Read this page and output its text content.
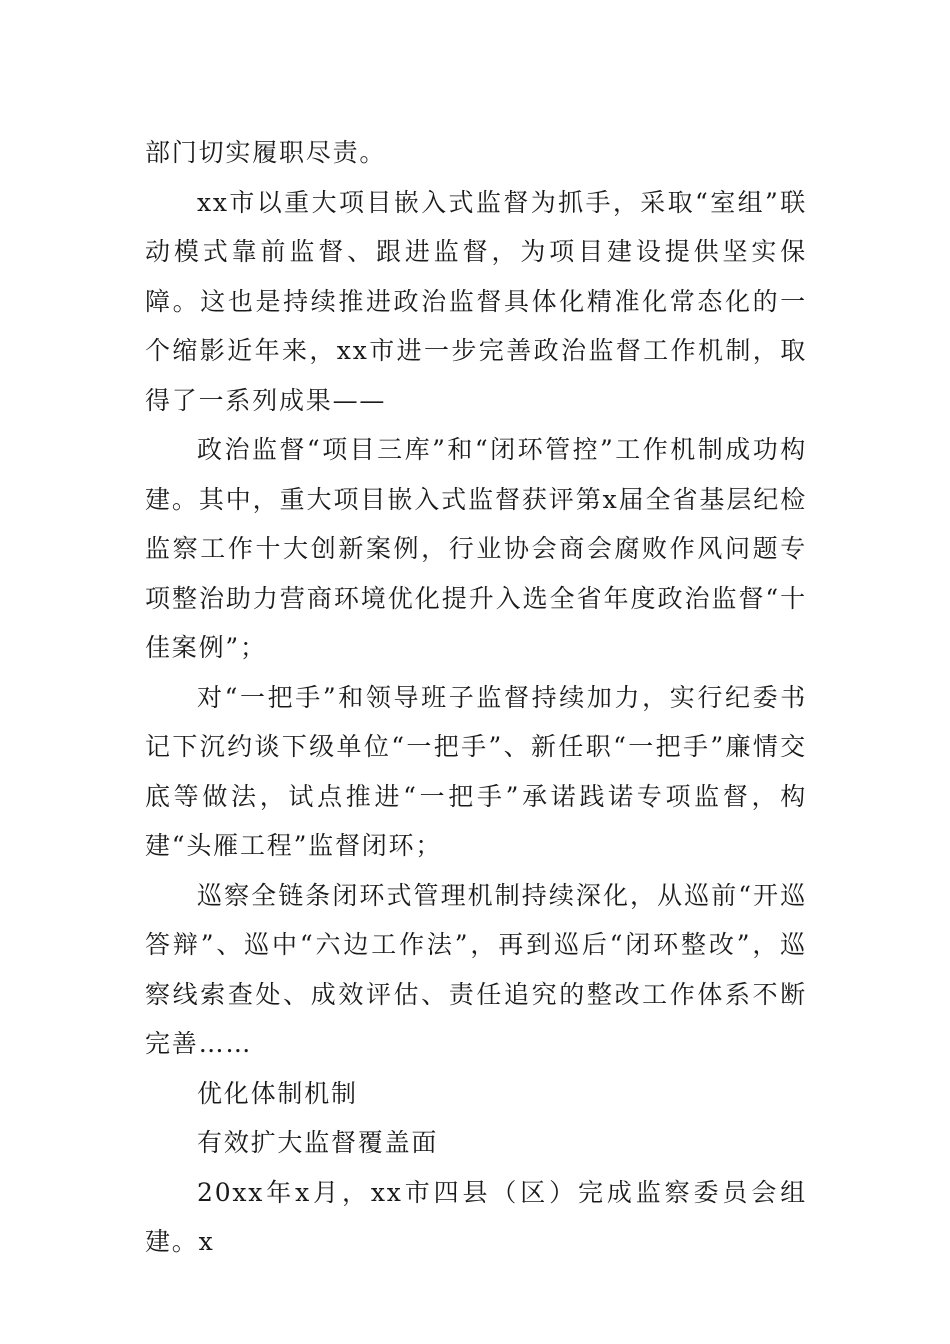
部门切实履职尽责。

xx市以重大项目嵌入式监督为抓手，采取“室组”联动模式靠前监督、跟进监督，为项目建设提供坚实保障。这也是持续推进政治监督具体化精准化常态化的一个缩影近年来，xx市进一步完善政治监督工作机制，取得了一系列成果——

政治监督“项目三库”和“闭环管控”工作机制成功构建。其中，重大项目嵌入式监督获评第x届全省基层纪检监察工作十大创新案例，行业协会商会腐败作风问题专项整治助力营商环境优化提升入选全省年度政治监督“十佳案例”；

对“一把手”和领导班子监督持续加力，实行纪委书记下沉约谈下级单位“一把手”、新任职“一把手”廉情交底等做法，试点推进“一把手”承诺践诺专项监督，构建“头雁工程”监督闭环；

巡察全链条闭环式管理机制持续深化，从巡前“开巡答辩”、巡中“六边工作法”，再到巡后“闭环整改”，巡察线索查处、成效评估、责任追究的整改工作体系不断完善……

优化体制机制

有效扩大监督覆盖面

20xx年x月，xx市四县（区）完成监察委员会组建。x
